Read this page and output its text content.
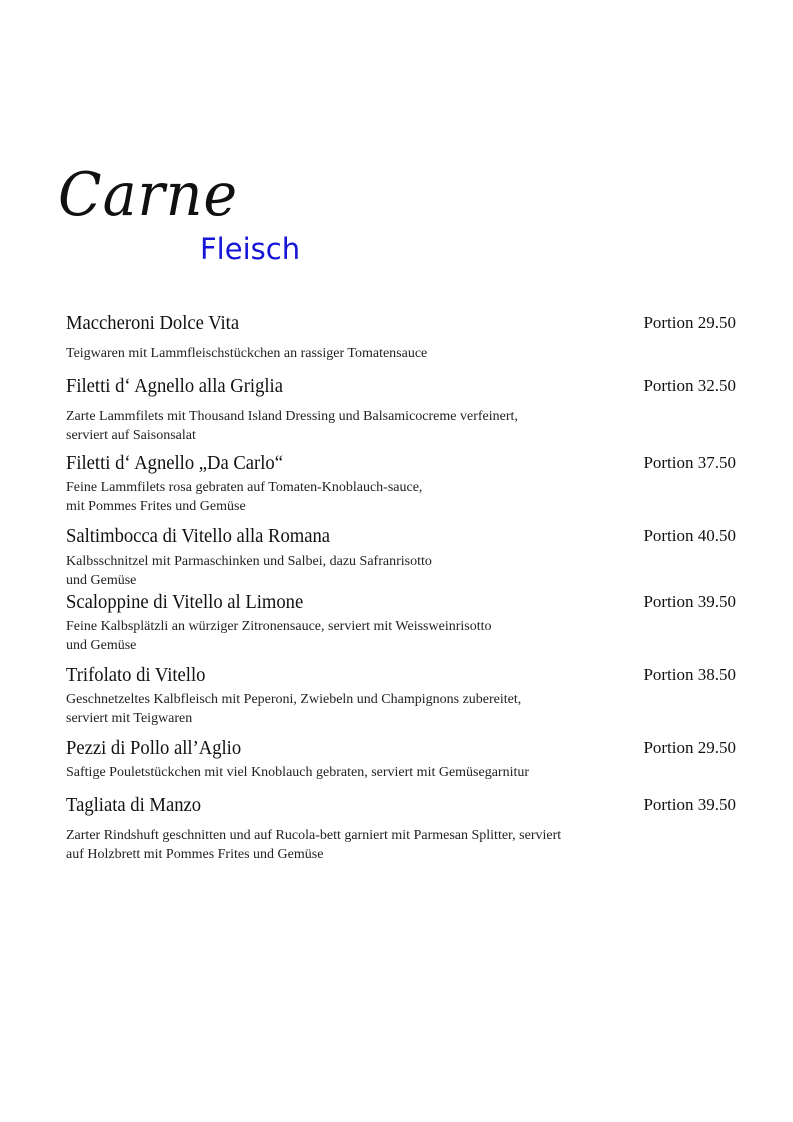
Carne
Fleisch
Maccheroni Dolce Vita	Portion 29.50
Teigwaren mit Lammfleischstückchen an rassiger Tomatensauce
Filetti d‘ Agnello alla Griglia	Portion 32.50
Zarte Lammfilets mit Thousand Island Dressing und Balsamicocreme verfeinert,
serviert auf Saisonsalat
Filetti d‘ Agnello „Da Carlo“	Portion 37.50
Feine Lammfilets rosa gebraten auf Tomaten-Knoblauch-sauce,
mit Pommes Frites und Gemüse
Saltimbocca di Vitello alla Romana	Portion 40.50
Kalbsschnitzel mit Parmaschinken und Salbei, dazu Safranrisotto
und Gemüse
Scaloppine di Vitello al Limone	Portion 39.50
Feine Kalbsplätzli an würziger Zitronensauce, serviert mit Weissweinrisotto
und Gemüse
Trifolato di Vitello	Portion 38.50
Geschnetzeltes Kalbfleisch mit Peperoni, Zwiebeln und Champignons zubereitet,
serviert mit Teigwaren
Pezzi di Pollo all’Aglio	Portion 29.50
Saftige Pouletstückchen mit viel Knoblauch gebraten, serviert mit Gemüsegarnitur
Tagliata di Manzo	Portion 39.50
Zarter Rindshuft geschnitten und auf Rucola-bett garniert mit Parmesan Splitter, serviert
auf Holzbrett mit Pommes Frites und Gemüse
